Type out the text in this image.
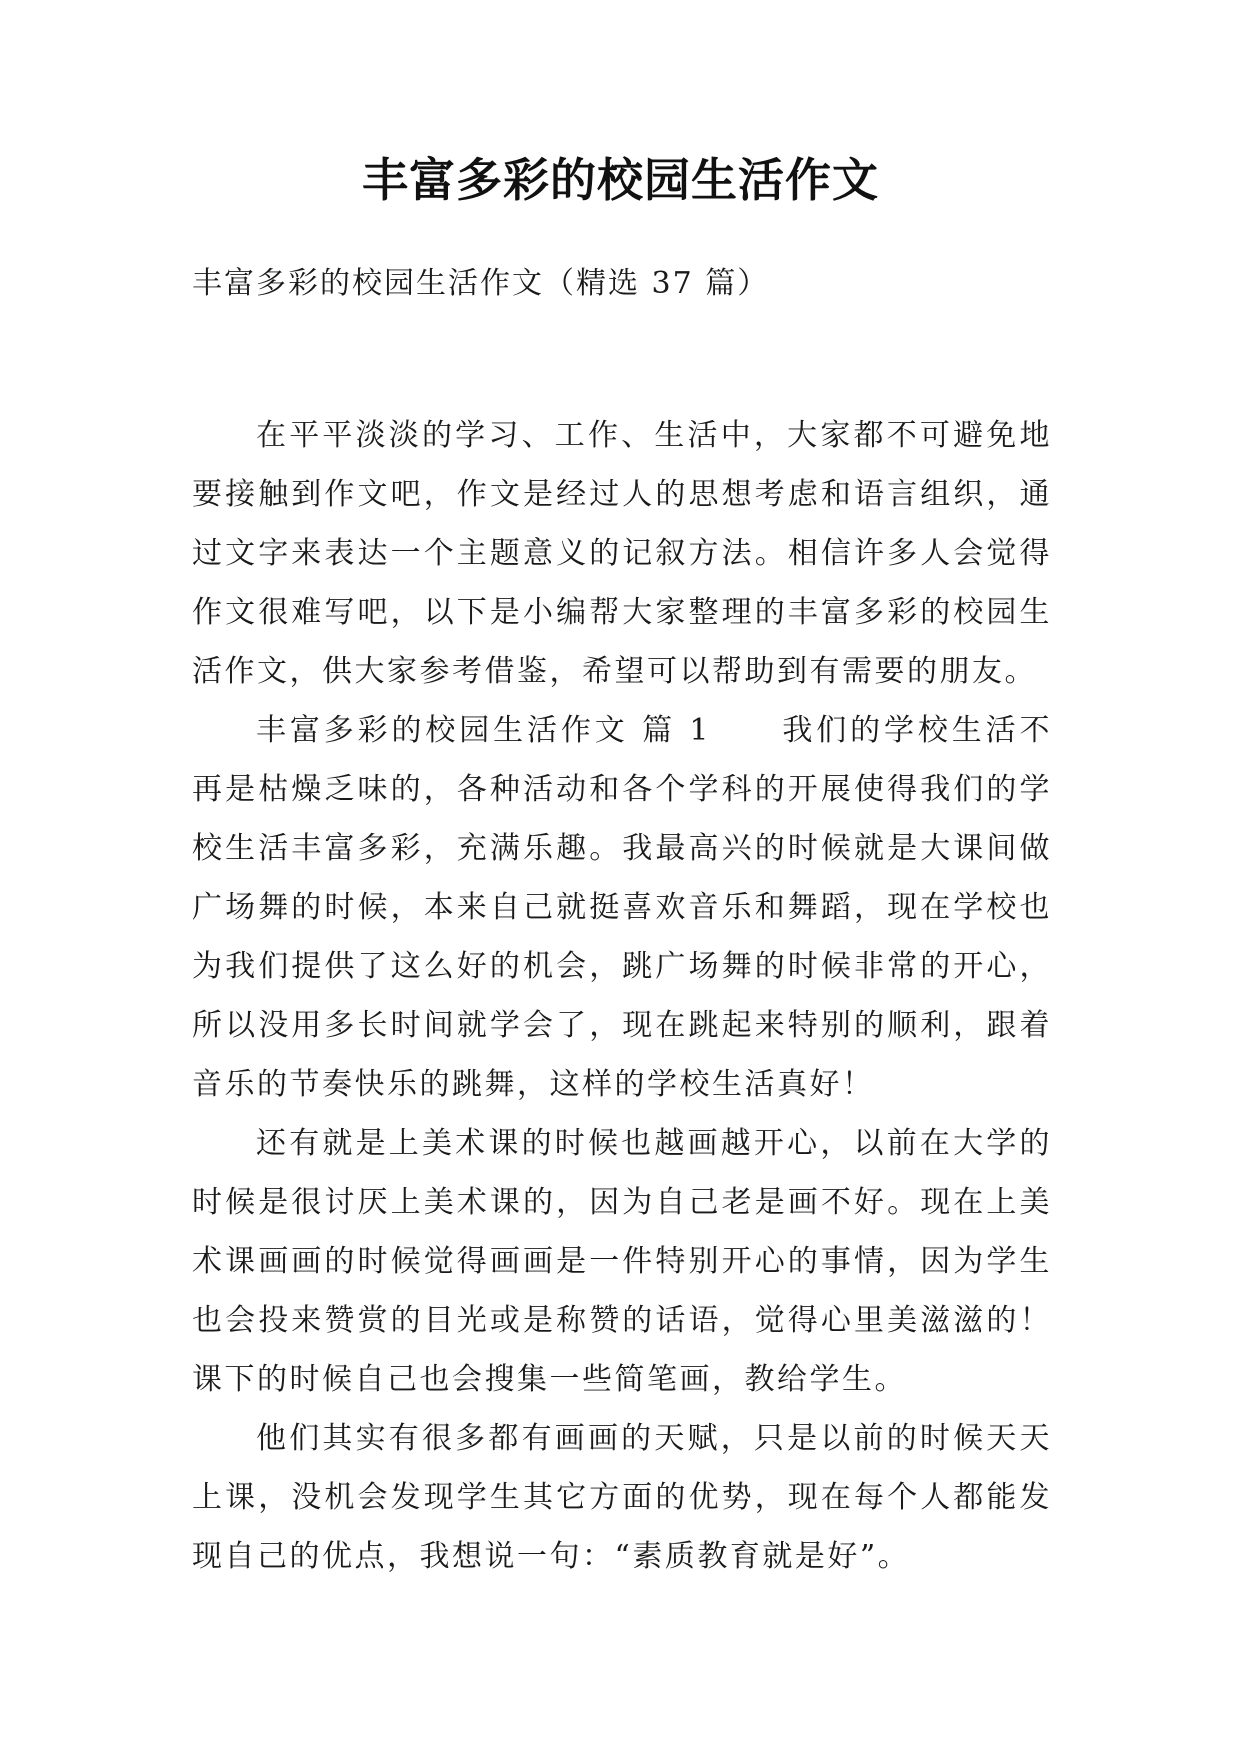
丰富多彩的校园生活作文

丰富多彩的校园生活作文（精选 37 篇）

在平平淡淡的学习、工作、生活中，大家都不可避免地要接触到作文吧，作文是经过人的思想考虑和语言组织，通过文字来表达一个主题意义的记叙方法。相信许多人会觉得作文很难写吧，以下是小编帮大家整理的丰富多彩的校园生活作文，供大家参考借鉴，希望可以帮助到有需要的朋友。

丰富多彩的校园生活作文 篇 1 我们的学校生活不再是枯燥乏味的，各种活动和各个学科的开展使得我们的学校生活丰富多彩，充满乐趣。我最高兴的时候就是大课间做广场舞的时候，本来自己就挺喜欢音乐和舞蹈，现在学校也为我们提供了这么好的机会，跳广场舞的时候非常的开心，所以没用多长时间就学会了，现在跳起来特别的顺利，跟着音乐的节奏快乐的跳舞，这样的学校生活真好！

还有就是上美术课的时候也越画越开心，以前在大学的时候是很讨厌上美术课的，因为自己老是画不好。现在上美术课画画的时候觉得画画是一件特别开心的事情，因为学生也会投来赞赏的目光或是称赞的话语，觉得心里美滋滋的！课下的时候自己也会搜集一些简笔画，教给学生。

他们其实有很多都有画画的天赋，只是以前的时候天天上课，没机会发现学生其它方面的优势，现在每个人都能发现自己的优点，我想说一句：“素质教育就是好”。
